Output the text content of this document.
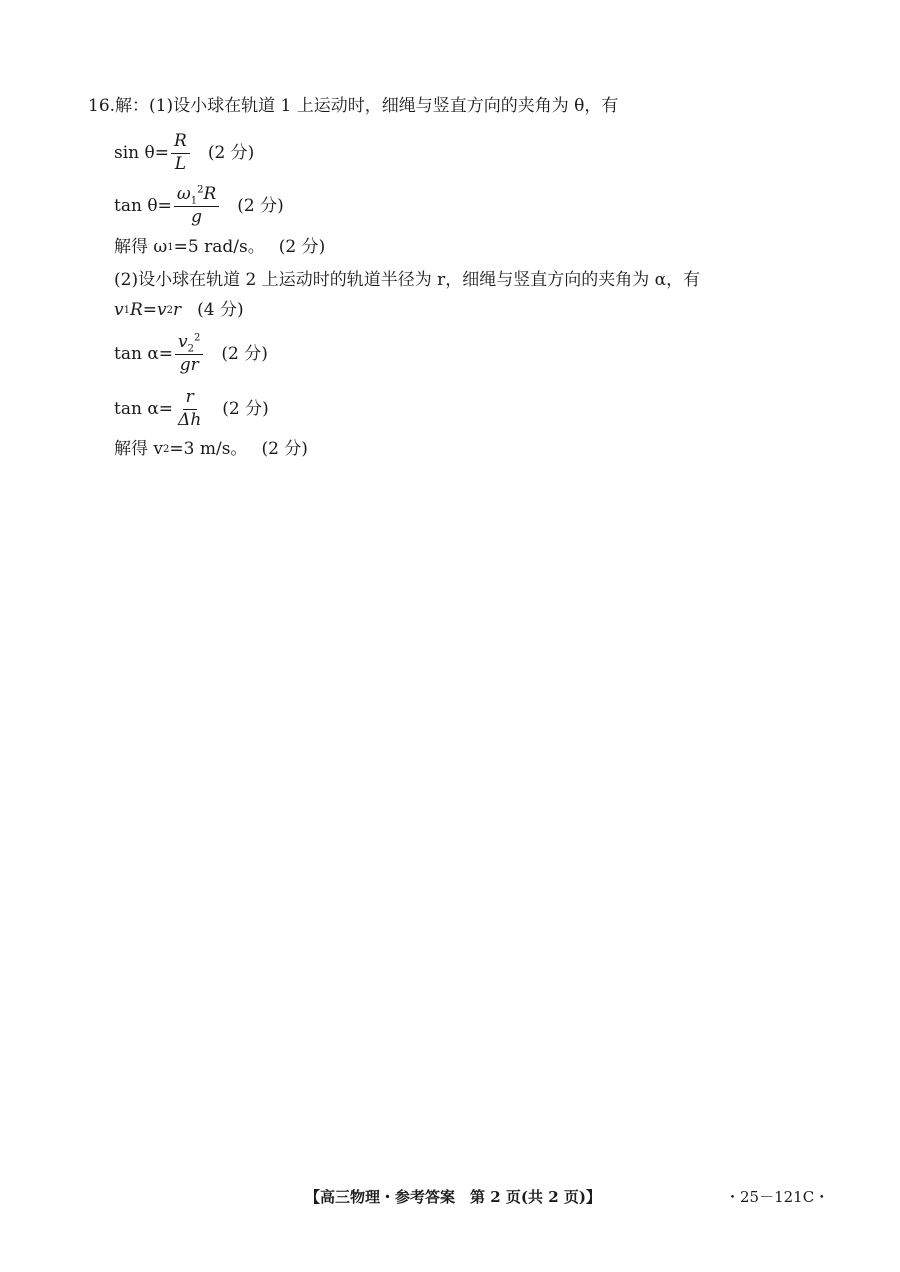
16. 解：(1)设小球在轨道 1 上运动时，细绳与竖直方向的夹角为 θ，有
$\sin \theta= \frac{R}{L} (2$ 分)
$\tan \theta= \frac{\omega_1^2R}{g} (2$ 分)
解得 ω 1 =5 rad/s。 (2 分)
(2)设小球在轨道 2 上运动时的轨道半径为 r，细绳与竖直方向的夹角为 α，有
v 1 R=v 2 r (4 分)
$\tan \alpha= \frac{v_2^2}{gr} (2$ 分)
$\tan \alpha= \frac{r}{\Delta h} (2$ 分)
解得 v 2 =3 m/s。 (2 分)
【高三物理・参考答案　第 2 页(共 2 页)】	・25－121C・
